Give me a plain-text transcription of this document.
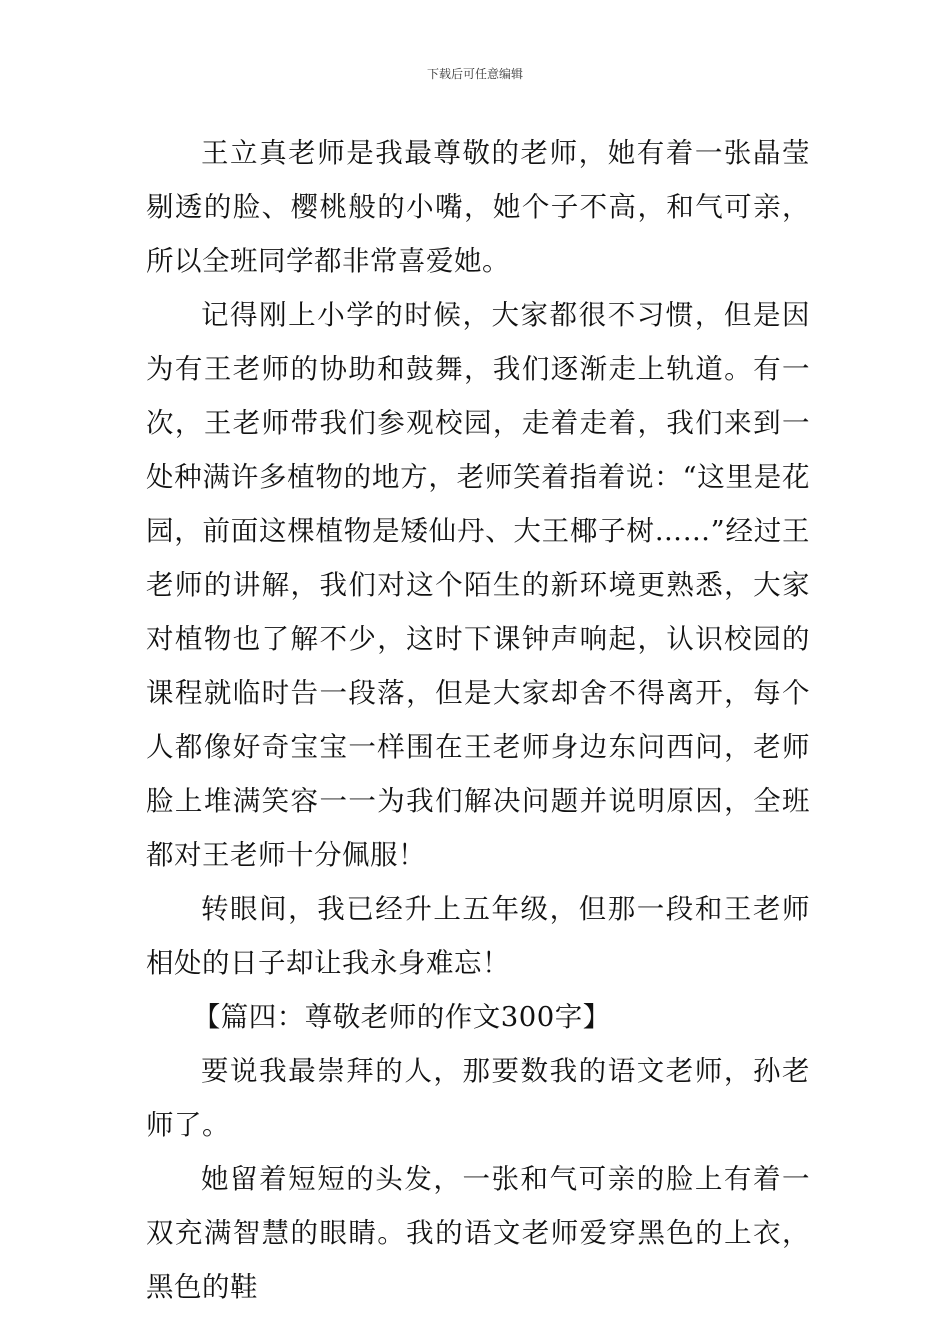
下载后可任意编辑

王立真老师是我最尊敬的老师，她有着一张晶莹剔透的脸、樱桃般的小嘴，她个子不高，和气可亲，所以全班同学都非常喜爱她。

记得刚上小学的时候，大家都很不习惯，但是因为有王老师的协助和鼓舞，我们逐渐走上轨道。有一次，王老师带我们参观校园，走着走着，我们来到一处种满许多植物的地方，老师笑着指着说：“这里是花园，前面这棵植物是矮仙丹、大王椰子树……”经过王老师的讲解，我们对这个陌生的新环境更熟悉，大家对植物也了解不少，这时下课钟声响起，认识校园的课程就临时告一段落，但是大家却舍不得离开，每个人都像好奇宝宝一样围在王老师身边东问西问，老师脸上堆满笑容一一为我们解决问题并说明原因，全班都对王老师十分佩服！

转眼间，我已经升上五年级，但那一段和王老师相处的日子却让我永身难忘！

【篇四：尊敬老师的作文300字】

要说我最崇拜的人，那要数我的语文老师，孙老师了。

她留着短短的头发，一张和气可亲的脸上有着一双充满智慧的眼睛。我的语文老师爱穿黑色的上衣，黑色的鞋
